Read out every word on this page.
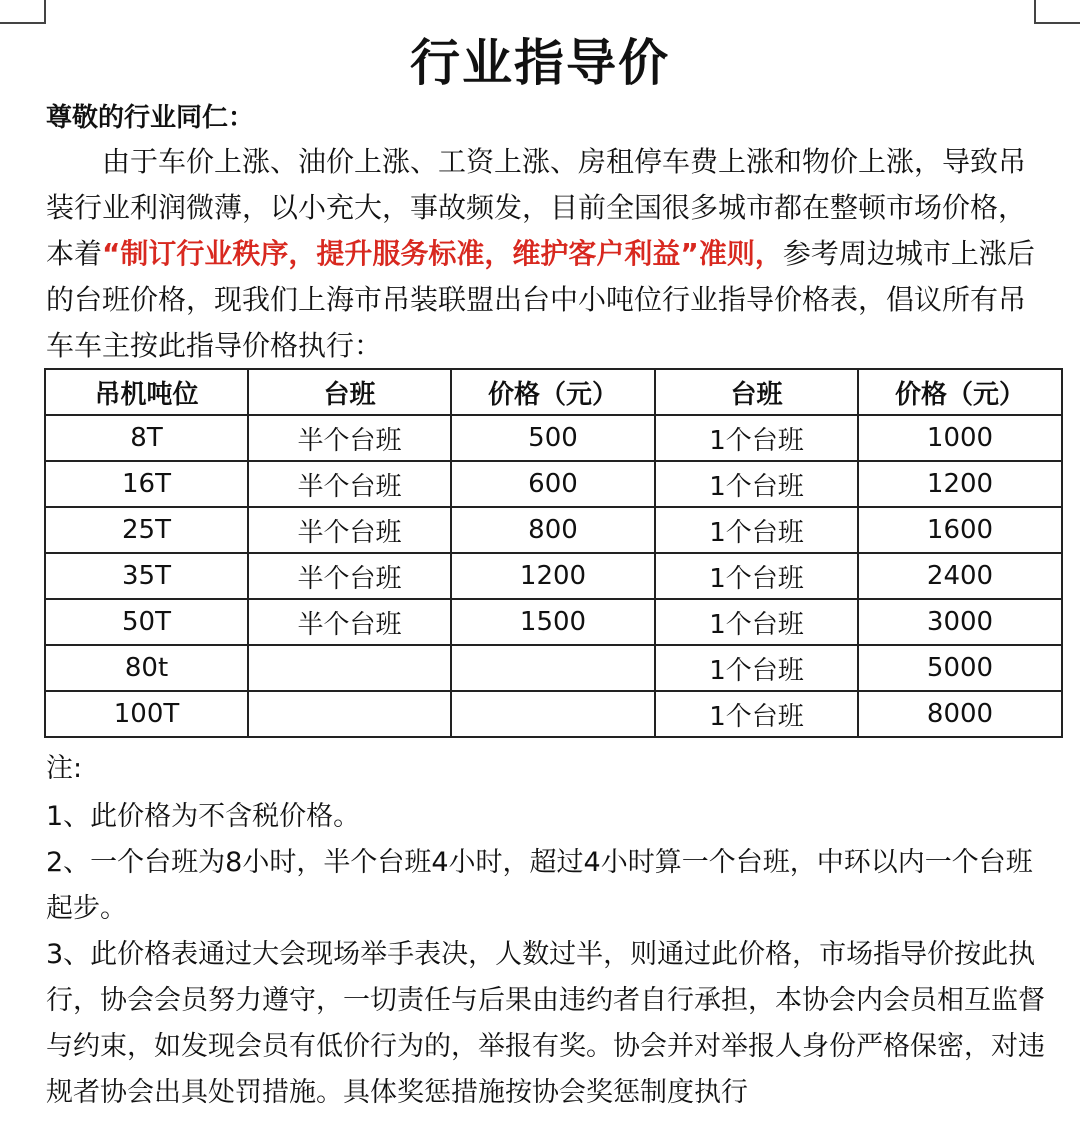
行业指导价
尊敬的行业同仁：
由于车价上涨、油价上涨、工资上涨、房租停车费上涨和物价上涨，导致吊装行业利润微薄，以小充大，事故频发，目前全国很多城市都在整顿市场价格，本着“制订行业秩序，提升服务标准，维护客户利益”准则，参考周边城市上涨后的台班价格，现我们上海市吊装联盟出台中小吨位行业指导价格表，倡议所有吊车车主按此指导价格执行：
吊机吨位	台班	价格（元）	台班	价格（元）
8T	半个台班	500	1个台班	1000
16T	半个台班	600	1个台班	1200
25T	半个台班	800	1个台班	1600
35T	半个台班	1200	1个台班	2400
50T	半个台班	1500	1个台班	3000
80t			1个台班	5000
100T			1个台班	8000

注:

1、此价格为不含税价格。

2、一个台班为8小时，半个台班4小时，超过4小时算一个台班，中环以内一个台班起步。

3、此价格表通过大会现场举手表决，人数过半，则通过此价格，市场指导价按此执行，协会会员努力遵守，一切责任与后果由违约者自行承担，本协会内会员相互监督与约束，如发现会员有低价行为的，举报有奖。协会并对举报人身份严格保密，对违规者协会出具处罚措施。具体奖惩措施按协会奖惩制度执行
